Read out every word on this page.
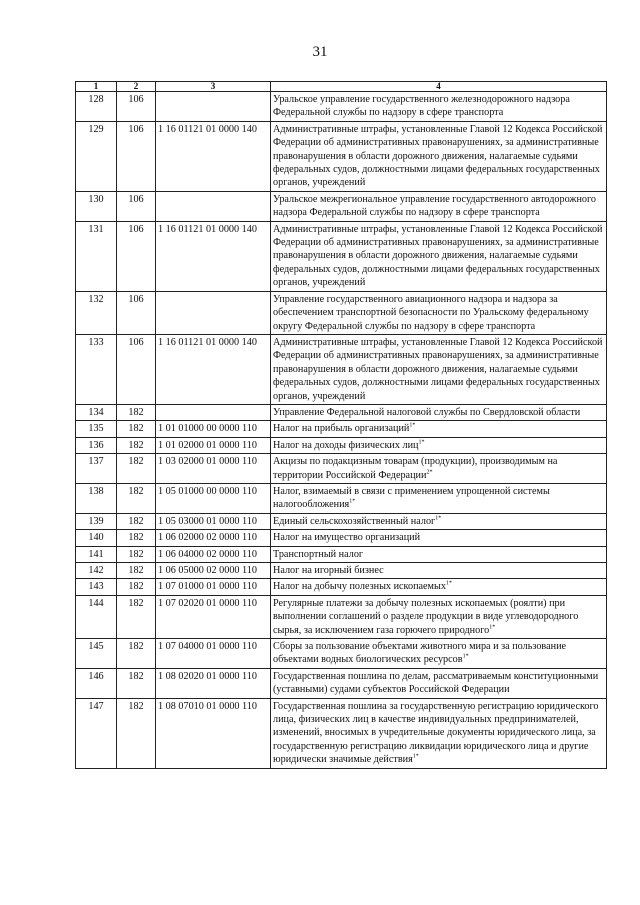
31
1	2	3	4
128	106		Уральское управление государственного железнодорожного надзора Федеральной службы по надзору в сфере транспорта
129	106	1 16 01121 01 0000 140	Административные штрафы, установленные Главой 12 Кодекса Российской Федерации об административных правонарушениях, за административные правонарушения в области дорожного движения, налагаемые судьями федеральных судов, должностными лицами федеральных государственных органов, учреждений
130	106		Уральское межрегиональное управление государственного автодорожного надзора Федеральной службы по надзору в сфере транспорта
131	106	1 16 01121 01 0000 140	Административные штрафы, установленные Главой 12 Кодекса Российской Федерации об административных правонарушениях, за административные правонарушения в области дорожного движения, налагаемые судьями федеральных судов, должностными лицами федеральных государственных органов, учреждений
132	106		Управление государственного авиационного надзора и надзора за обеспечением транспортной безопасности по Уральскому федеральному округу Федеральной службы по надзору в сфере транспорта
133	106	1 16 01121 01 0000 140	Административные штрафы, установленные Главой 12 Кодекса Российской Федерации об административных правонарушениях, за административные правонарушения в области дорожного движения, налагаемые судьями федеральных судов, должностными лицами федеральных государственных органов, учреждений
134	182		Управление Федеральной налоговой службы по Свердловской области
135	182	1 01 01000 00 0000 110	Налог на прибыль организаций$^{1*}$
136	182	1 01 02000 01 0000 110	Налог на доходы физических лиц$^{1*}$
137	182	1 03 02000 01 0000 110	Акцизы по подакцизным товарам (продукции), производимым на территории Российской Федерации$^{2*}$
138	182	1 05 01000 00 0000 110	Налог, взимаемый в связи с применением упрощенной системы налогообложения$^{1*}$
139	182	1 05 03000 01 0000 110	Единый сельскохозяйственный налог$^{1*}$
140	182	1 06 02000 02 0000 110	Налог на имущество организаций
141	182	1 06 04000 02 0000 110	Транспортный налог
142	182	1 06 05000 02 0000 110	Налог на игорный бизнес
143	182	1 07 01000 01 0000 110	Налог на добычу полезных ископаемых$^{1*}$
144	182	1 07 02020 01 0000 110	Регулярные платежи за добычу полезных ископаемых (роялти) при выполнении соглашений о разделе продукции в виде углеводородного сырья, за исключением газа горючего природного$^{1*}$
145	182	1 07 04000 01 0000 110	Сборы за пользование объектами животного мира и за пользование объектами водных биологических ресурсов$^{1*}$
146	182	1 08 02020 01 0000 110	Государственная пошлина по делам, рассматриваемым конституционными (уставными) судами субъектов Российской Федерации
147	182	1 08 07010 01 0000 110	Государственная пошлина за государственную регистрацию юридического лица, физических лиц в качестве индивидуальных предпринимателей, изменений, вносимых в учредительные документы юридического лица, за государственную регистрацию ликвидации юридического лица и другие юридически значимые действия$^{1*}$
